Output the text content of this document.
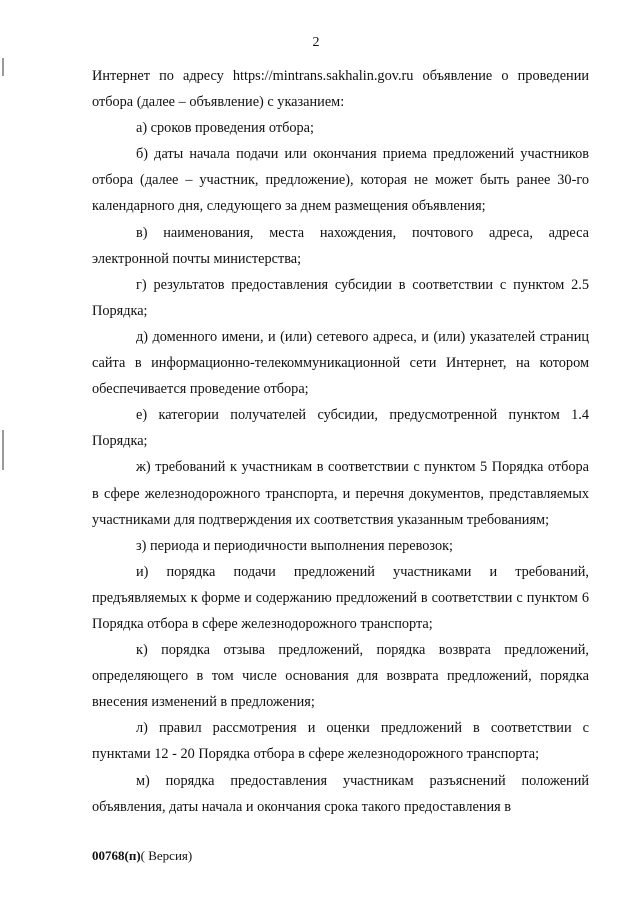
2

Интернет по адресу https://mintrans.sakhalin.gov.ru объявление о проведении отбора (далее – объявление) с указанием:

а) сроков проведения отбора;

б) даты начала подачи или окончания приема предложений участников отбора (далее – участник, предложение), которая не может быть ранее 30-го календарного дня, следующего за днем размещения объявления;

в) наименования, места нахождения, почтового адреса, адреса электронной почты министерства;

г) результатов предоставления субсидии в соответствии с пунктом 2.5 Порядка;

д) доменного имени, и (или) сетевого адреса, и (или) указателей страниц сайта в информационно-телекоммуникационной сети Интернет, на котором обеспечивается проведение отбора;

е) категории получателей субсидии, предусмотренной пунктом 1.4 Порядка;

ж) требований к участникам в соответствии с пунктом 5 Порядка отбора в сфере железнодорожного транспорта, и перечня документов, представляемых участниками для подтверждения их соответствия указанным требованиям;

з) периода и периодичности выполнения перевозок;

и) порядка подачи предложений участниками и требований, предъявляемых к форме и содержанию предложений в соответствии с пунктом 6 Порядка отбора в сфере железнодорожного транспорта;

к) порядка отзыва предложений, порядка возврата предложений, определяющего в том числе основания для возврата предложений, порядка внесения изменений в предложения;

л) правил рассмотрения и оценки предложений в соответствии с пунктами 12 - 20 Порядка отбора в сфере железнодорожного транспорта;

м) порядка предоставления участникам разъяснений положений объявления, даты начала и окончания срока такого предоставления в

00768(п)( Версия)
